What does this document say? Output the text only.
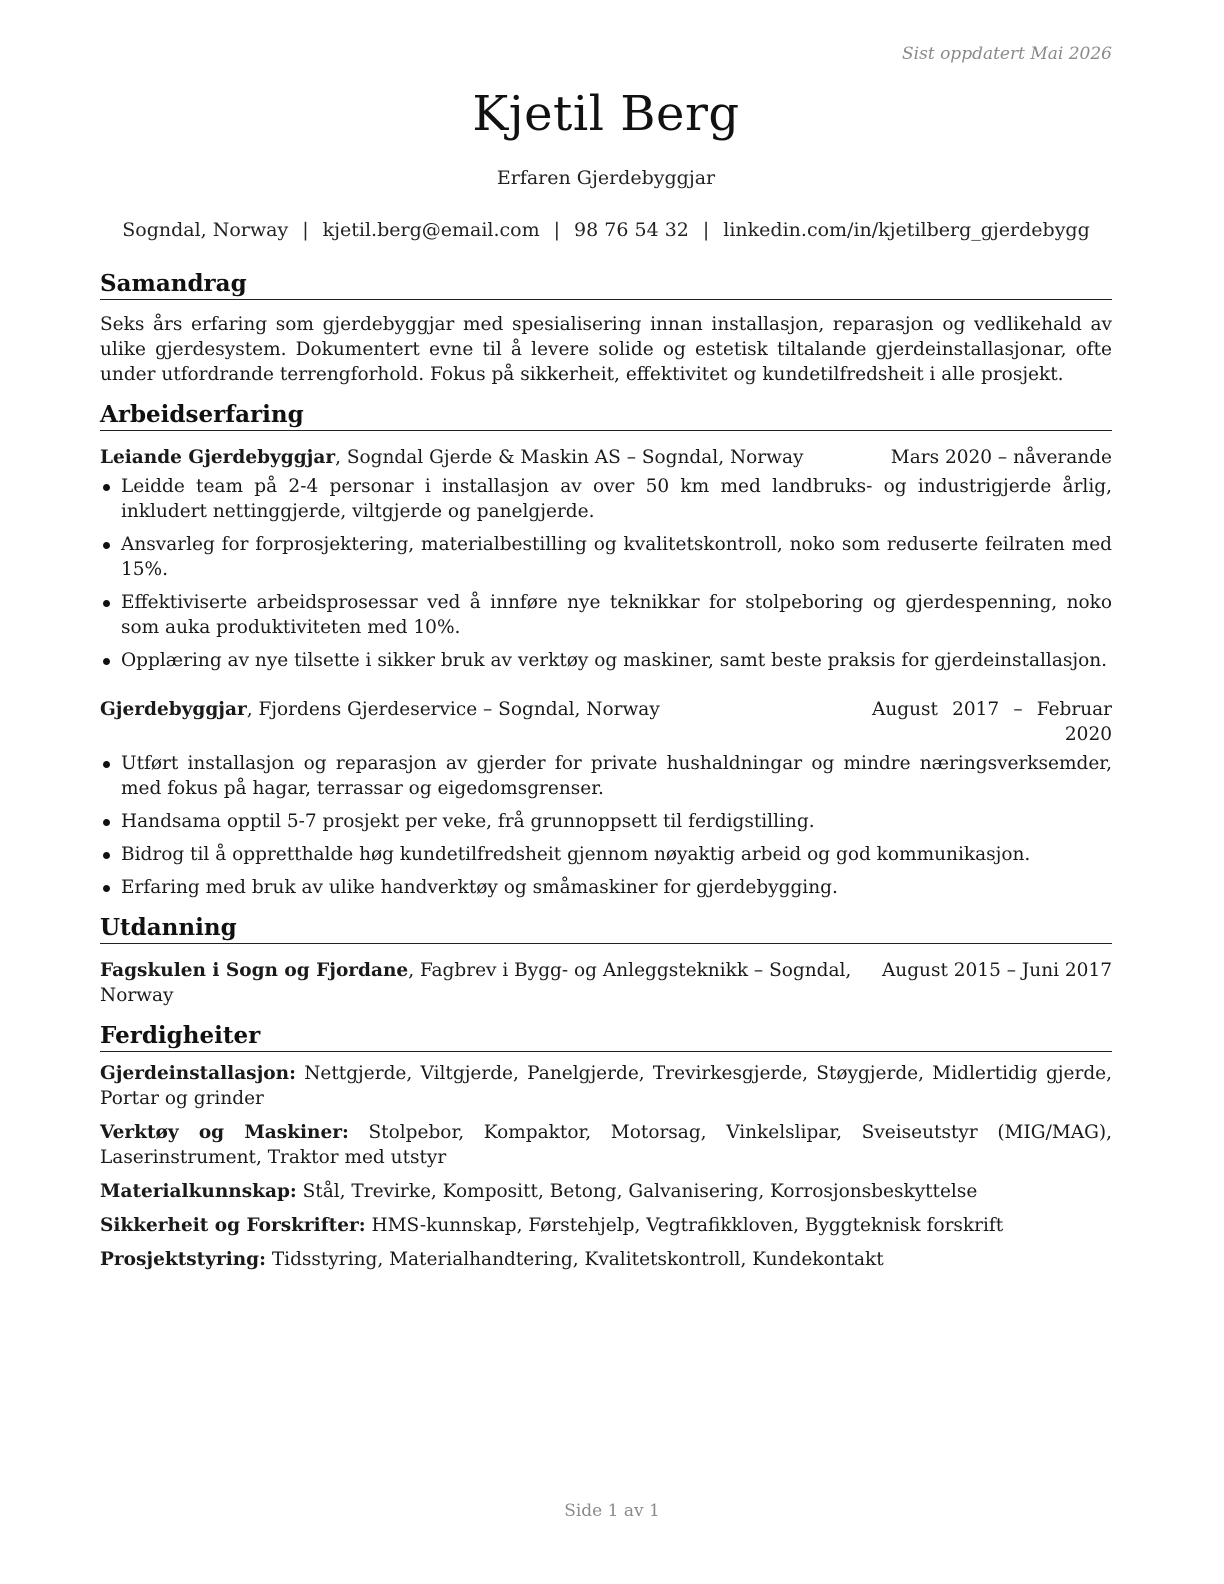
Sist oppdatert Mai 2026
Kjetil Berg
Erfaren Gjerdebyggjar
Sogndal, Norway | kjetil.berg@email.com | 98 76 54 32 | linkedin.com/in/kjetilberg_gjerdebygg
Samandrag

Seks års erfaring som gjerdebyggjar med spesialisering innan installasjon, reparasjon og vedlikehald av ulike gjerdesystem. Dokumentert evne til å levere solide og estetisk tiltalande gjerdeinstallasjonar, ofte under utfordrande terrengforhold. Fokus på sikkerheit, effektivitet og kundetilfredsheit i alle prosjekt.

Arbeidserfaring
Leiande Gjerdebyggjar, Sogndal Gjerde & Maskin AS – Sogndal, Norway	Mars 2020 – nåverande
Leidde team på 2-4 personar i installasjon av over 50 km med landbruks- og industrigjerde årlig, inkludert nettinggjerde, viltgjerde og panelgjerde.
Ansvarleg for forprosjektering, materialbestilling og kvalitetskontroll, noko som reduserte feilraten med 15%.
Effektiviserte arbeidsprosessar ved å innføre nye teknikkar for stolpeboring og gjerdespenning, noko som auka produktiviteten med 10%.
Opplæring av nye tilsette i sikker bruk av verktøy og maskiner, samt beste praksis for gjerdeinstallasjon.
Gjerdebyggjar, Fjordens Gjerdeservice – Sogndal, Norway	August 2017 – Februar
2020
Utført installasjon og reparasjon av gjerder for private hushaldningar og mindre næringsverksemder, med fokus på hagar, terrassar og eigedomsgrenser.
Handsama opptil 5-7 prosjekt per veke, frå grunnoppsett til ferdigstilling.
Bidrog til å oppretthalde høg kundetilfredsheit gjennom nøyaktig arbeid og god kommunikasjon.
Erfaring med bruk av ulike handverktøy og småmaskiner for gjerdebygging.
Utdanning
Fagskulen i Sogn og Fjordane, Fagbrev i Bygg- og Anleggsteknikk – Sogndal, Norway
August 2015 – Juni 2017
Ferdigheiter
Gjerdeinstallasjon: Nettgjerde, Viltgjerde, Panelgjerde, Trevirkesgjerde, Støygjerde, Midlertidig gjerde, Portar og grinder
Verktøy og Maskiner: Stolpebor, Kompaktor, Motorsag, Vinkelslipar, Sveiseutstyr (MIG/MAG), Laserinstrument, Traktor med utstyr
Materialkunnskap: Stål, Trevirke, Kompositt, Betong, Galvanisering, Korrosjonsbeskyttelse
Sikkerheit og Forskrifter: HMS-kunnskap, Førstehjelp, Vegtrafikkloven, Byggteknisk forskrift
Prosjektstyring: Tidsstyring, Materialhandtering, Kvalitetskontroll, Kundekontakt
Side 1 av 1
